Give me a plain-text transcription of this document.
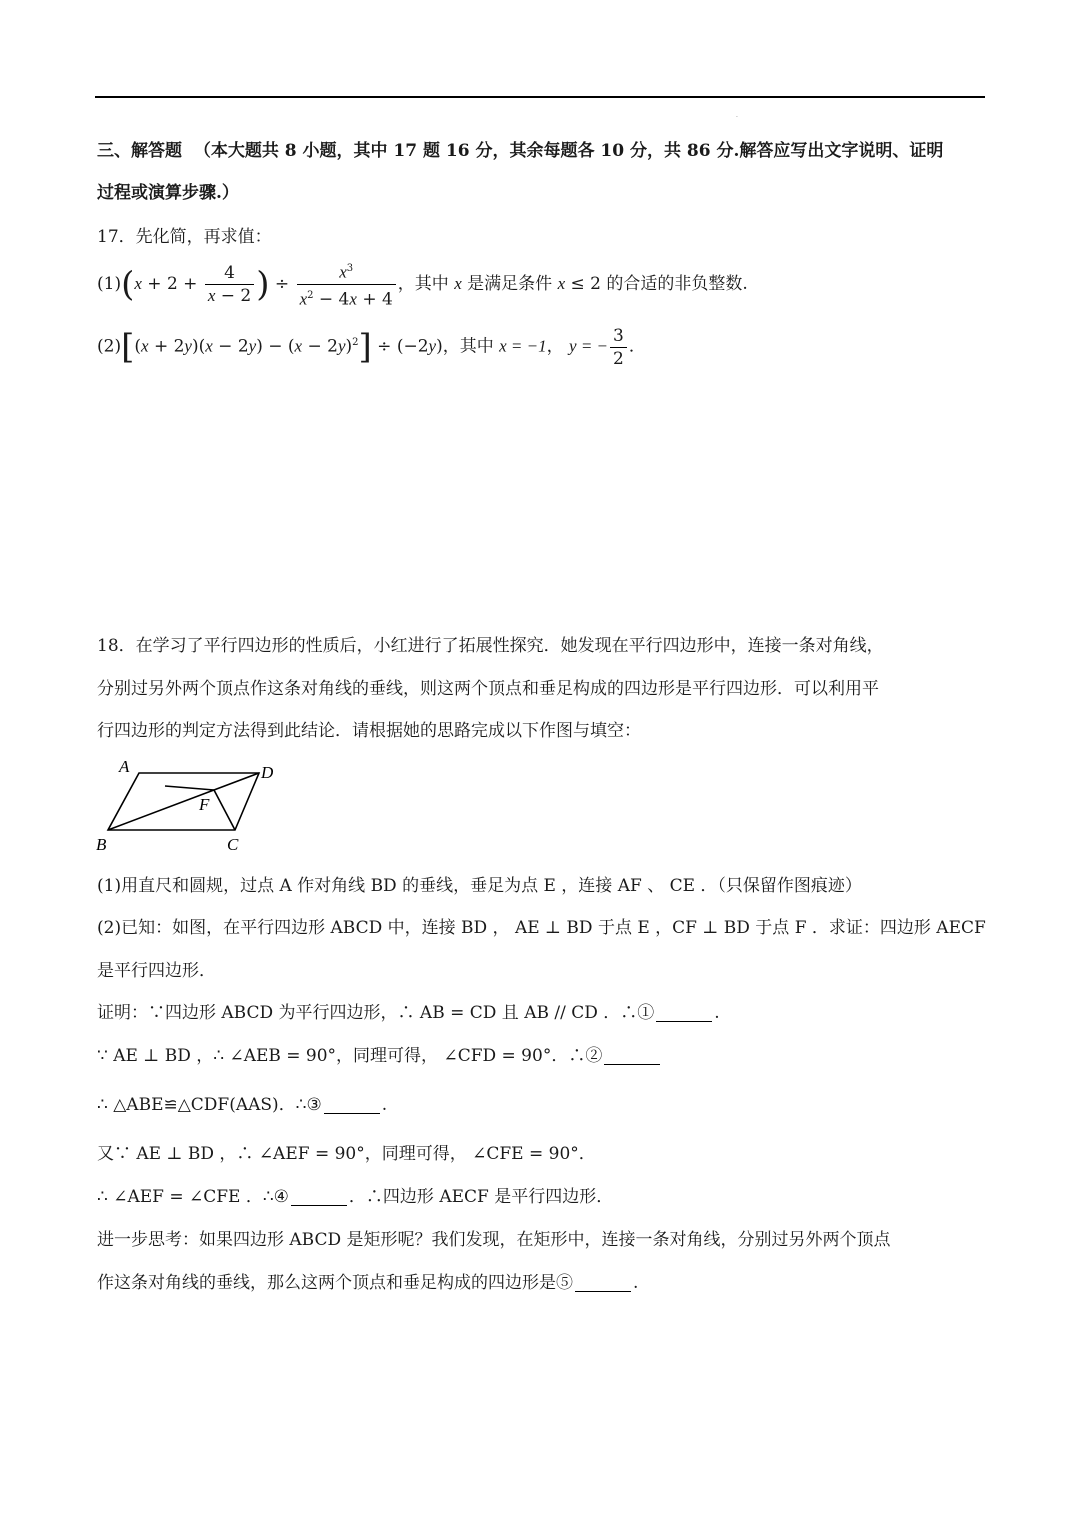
.
三、解答题 （本大题共 8 小题，其中 17 题 16 分，其余每题各 10 分，共 86 分.解答应写出文字说明、证明
过程或演算步骤.）
17．先化简，再求值：
$(1)(x + 2 + \frac{4}{x - 2}$ ) ÷ $\frac{x^3}{x^2 - 4x + 4}$ ，其中 x 是满足条件 x ≤ 2 的合适的非负整数.
$(2)[(x + 2y)(x - 2y) - (x - 2y)^2] \div (-2y)$，其中 x = −1， y = − $\frac{3}{2}$ ．
18．在学习了平行四边形的性质后，小红进行了拓展性探究．她发现在平行四边形中，连接一条对角线，
分别过另外两个顶点作这条对角线的垂线，则这两个顶点和垂足构成的四边形是平行四边形．可以利用平
行四边形的判定方法得到此结论．请根据她的思路完成以下作图与填空：
A	D
F
B	C
(1)用直尺和圆规，过点 A 作对角线 BD 的垂线，垂足为点 E ，连接 AF 、 CE ．（只保留作图痕迹）
(2)已知：如图，在平行四边形 ABCD 中，连接 BD ， AE ⊥ BD 于点 E ，CF ⊥ BD 于点 F ．求证：四边形 AECF
是平行四边形．
证明：∵四边形 ABCD 为平行四边形，∴ AB = CD 且 AB // CD ．∴①	.
∵ AE ⊥ BD ，∴ ∠AEB = 90°，同理可得， ∠CFD = 90°．∴②
∴ △ABE≌△CDF(AAS)．∴③	.
又∵ AE ⊥ BD ，∴ ∠AEF = 90°，同理可得， ∠CFE = 90°．
∴ ∠AEF = ∠CFE ．∴④	．∴四边形 AECF 是平行四边形．
进一步思考：如果四边形 ABCD 是矩形呢？我们发现，在矩形中，连接一条对角线，分别过另外两个顶点
作这条对角线的垂线，那么这两个顶点和垂足构成的四边形是⑤	.
